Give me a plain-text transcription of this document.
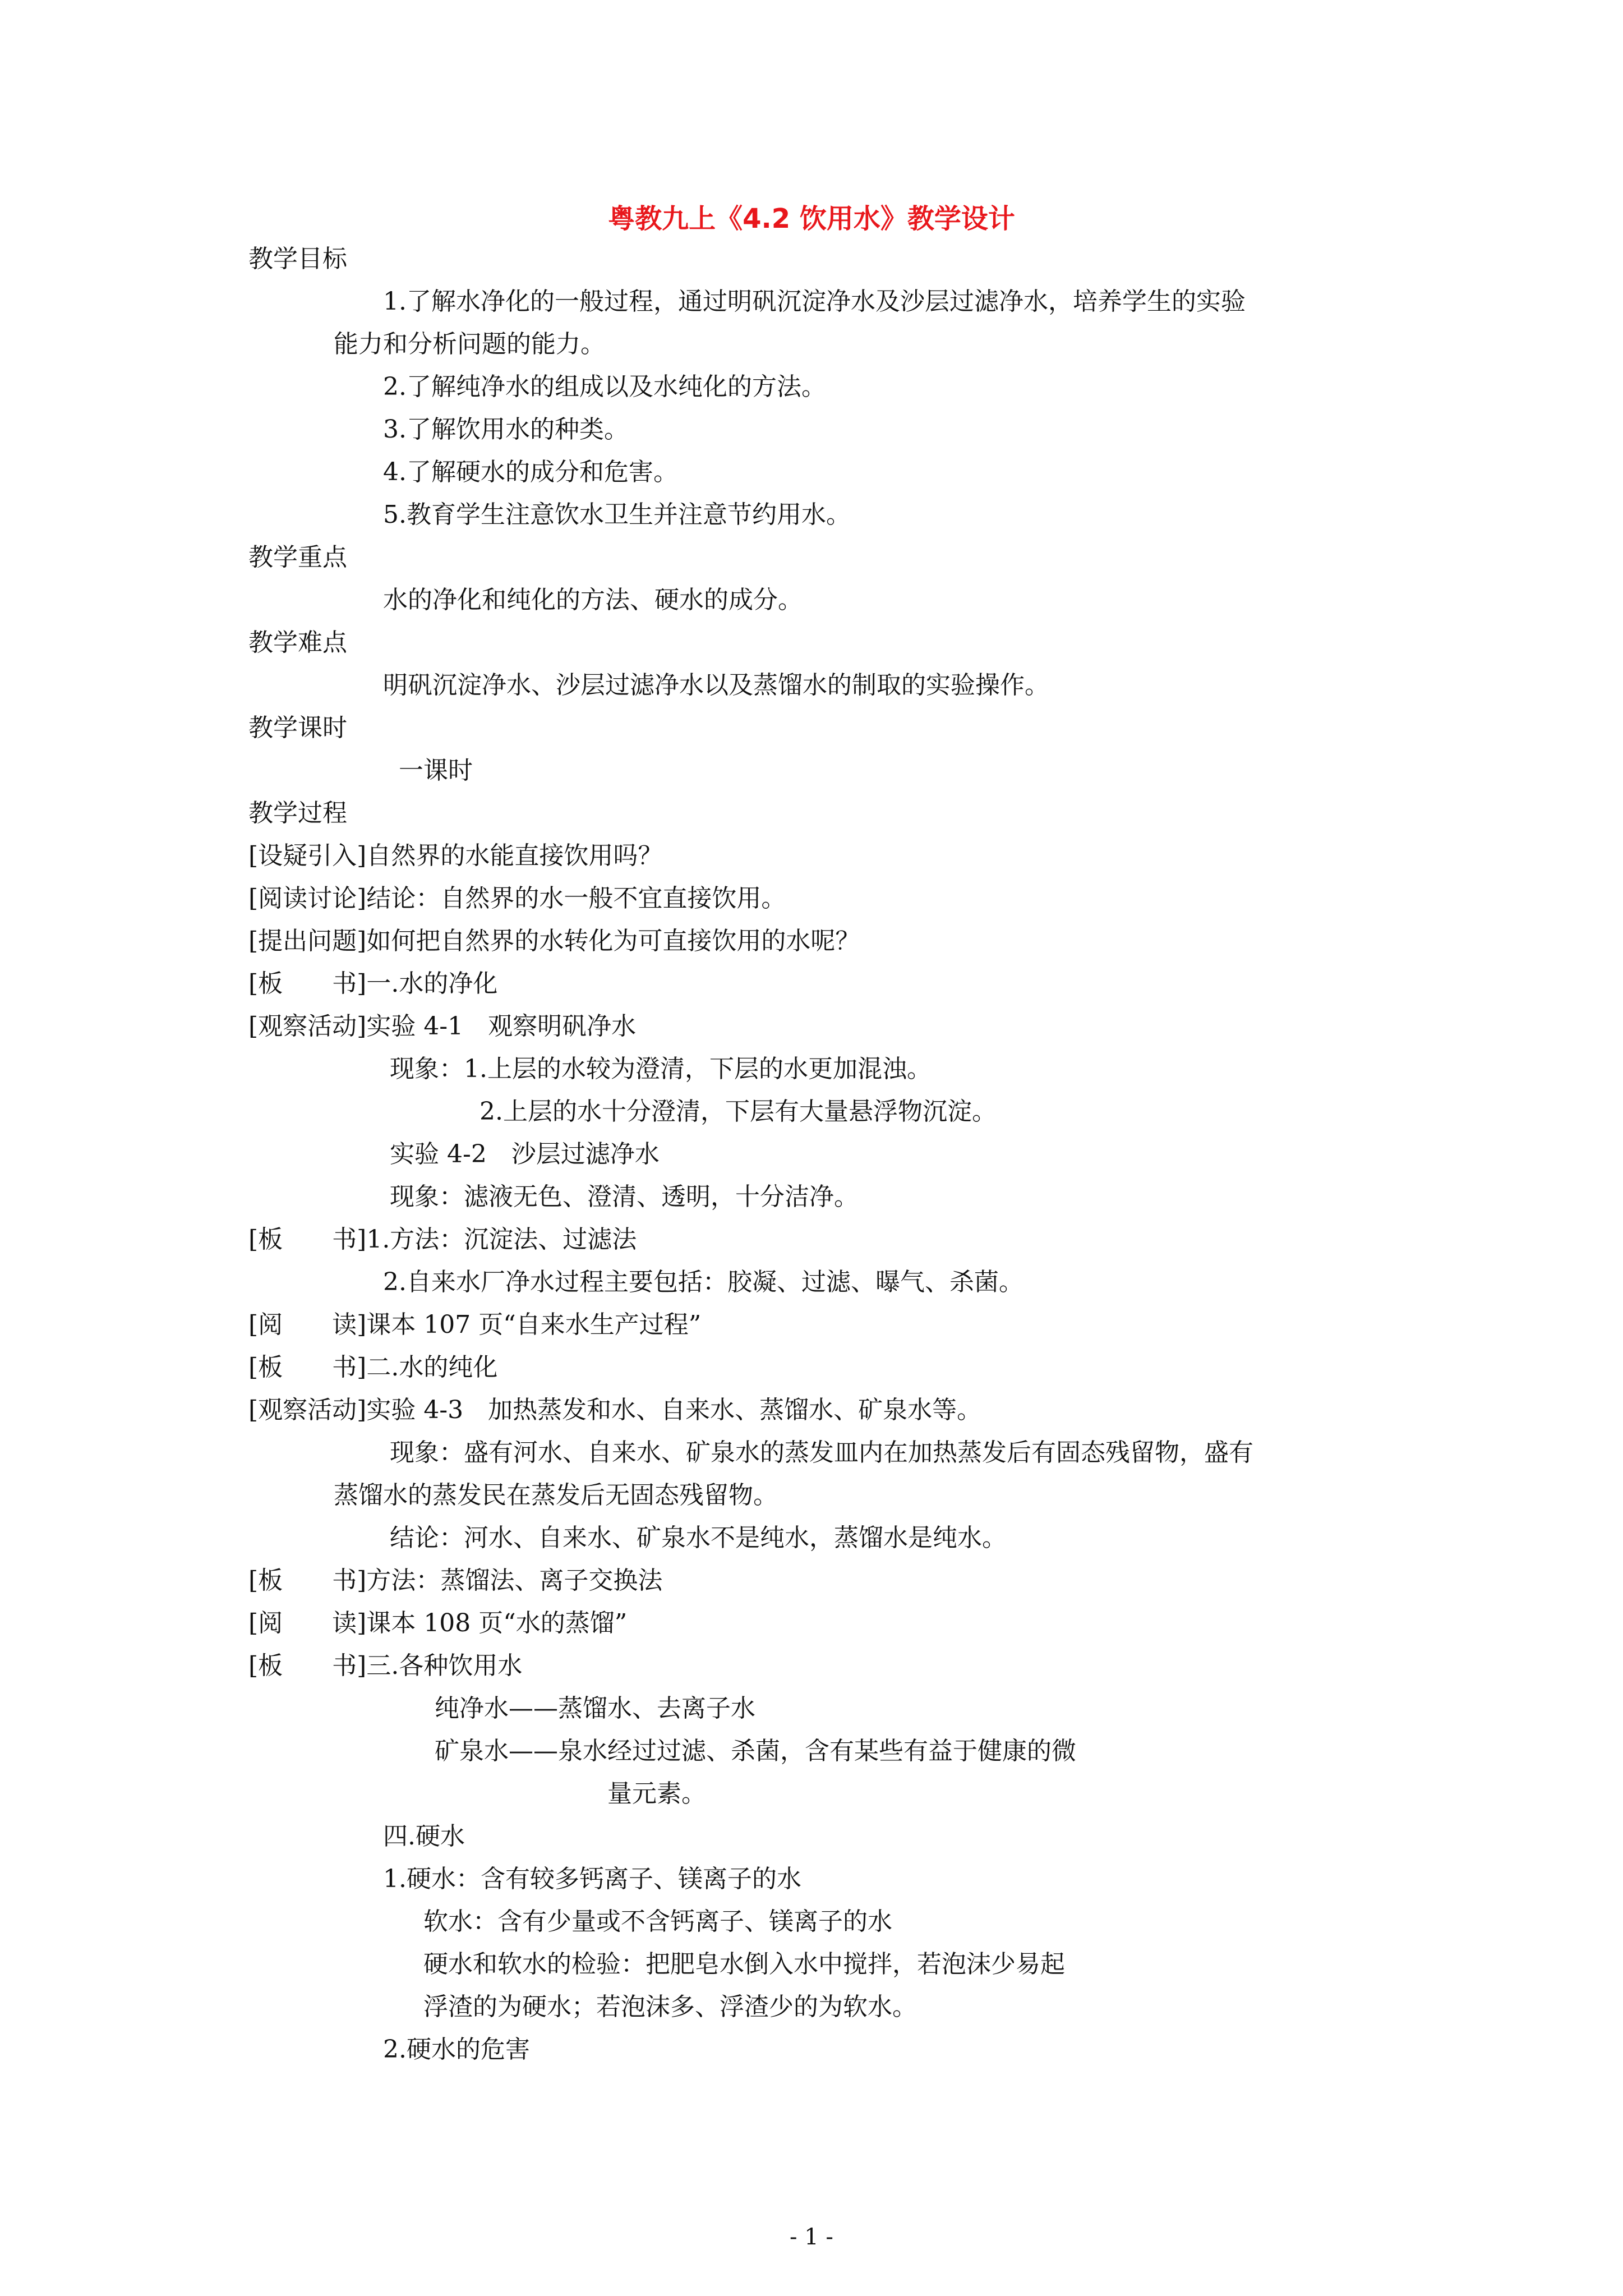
粤教九上《4.2 饮用水》教学设计
教学目标
1.了解水净化的一般过程，通过明矾沉淀净水及沙层过滤净水，培养学生的实验
能力和分析问题的能力。
2.了解纯净水的组成以及水纯化的方法。
3.了解饮用水的种类。
4.了解硬水的成分和危害。
5.教育学生注意饮水卫生并注意节约用水。
教学重点
水的净化和纯化的方法、硬水的成分。
教学难点
明矾沉淀净水、沙层过滤净水以及蒸馏水的制取的实验操作。
教学课时
一课时
教学过程
[设疑引入]自然界的水能直接饮用吗？
[阅读讨论]结论：自然界的水一般不宜直接饮用。
[提出问题]如何把自然界的水转化为可直接饮用的水呢？
[板　　书]一.水的净化
[观察活动]实验 4-1　观察明矾净水
现象：1.上层的水较为澄清，下层的水更加混浊。
2.上层的水十分澄清，下层有大量悬浮物沉淀。
实验 4-2　沙层过滤净水
现象：滤液无色、澄清、透明，十分洁净。
[板　　书]1.方法：沉淀法、过滤法
2.自来水厂净水过程主要包括：胶凝、过滤、曝气、杀菌。
[阅　　读]课本 107 页“自来水生产过程”
[板　　书]二.水的纯化
[观察活动]实验 4-3　加热蒸发和水、自来水、蒸馏水、矿泉水等。
现象：盛有河水、自来水、矿泉水的蒸发皿内在加热蒸发后有固态残留物，盛有
蒸馏水的蒸发民在蒸发后无固态残留物。
结论：河水、自来水、矿泉水不是纯水，蒸馏水是纯水。
[板　　书]方法：蒸馏法、离子交换法
[阅　　读]课本 108 页“水的蒸馏”
[板　　书]三.各种饮用水
纯净水——蒸馏水、去离子水
矿泉水——泉水经过过滤、杀菌，含有某些有益于健康的微
量元素。
四.硬水
1.硬水：含有较多钙离子、镁离子的水
软水：含有少量或不含钙离子、镁离子的水
硬水和软水的检验：把肥皂水倒入水中搅拌，若泡沫少易起
浮渣的为硬水；若泡沫多、浮渣少的为软水。
2.硬水的危害
- 1 -
